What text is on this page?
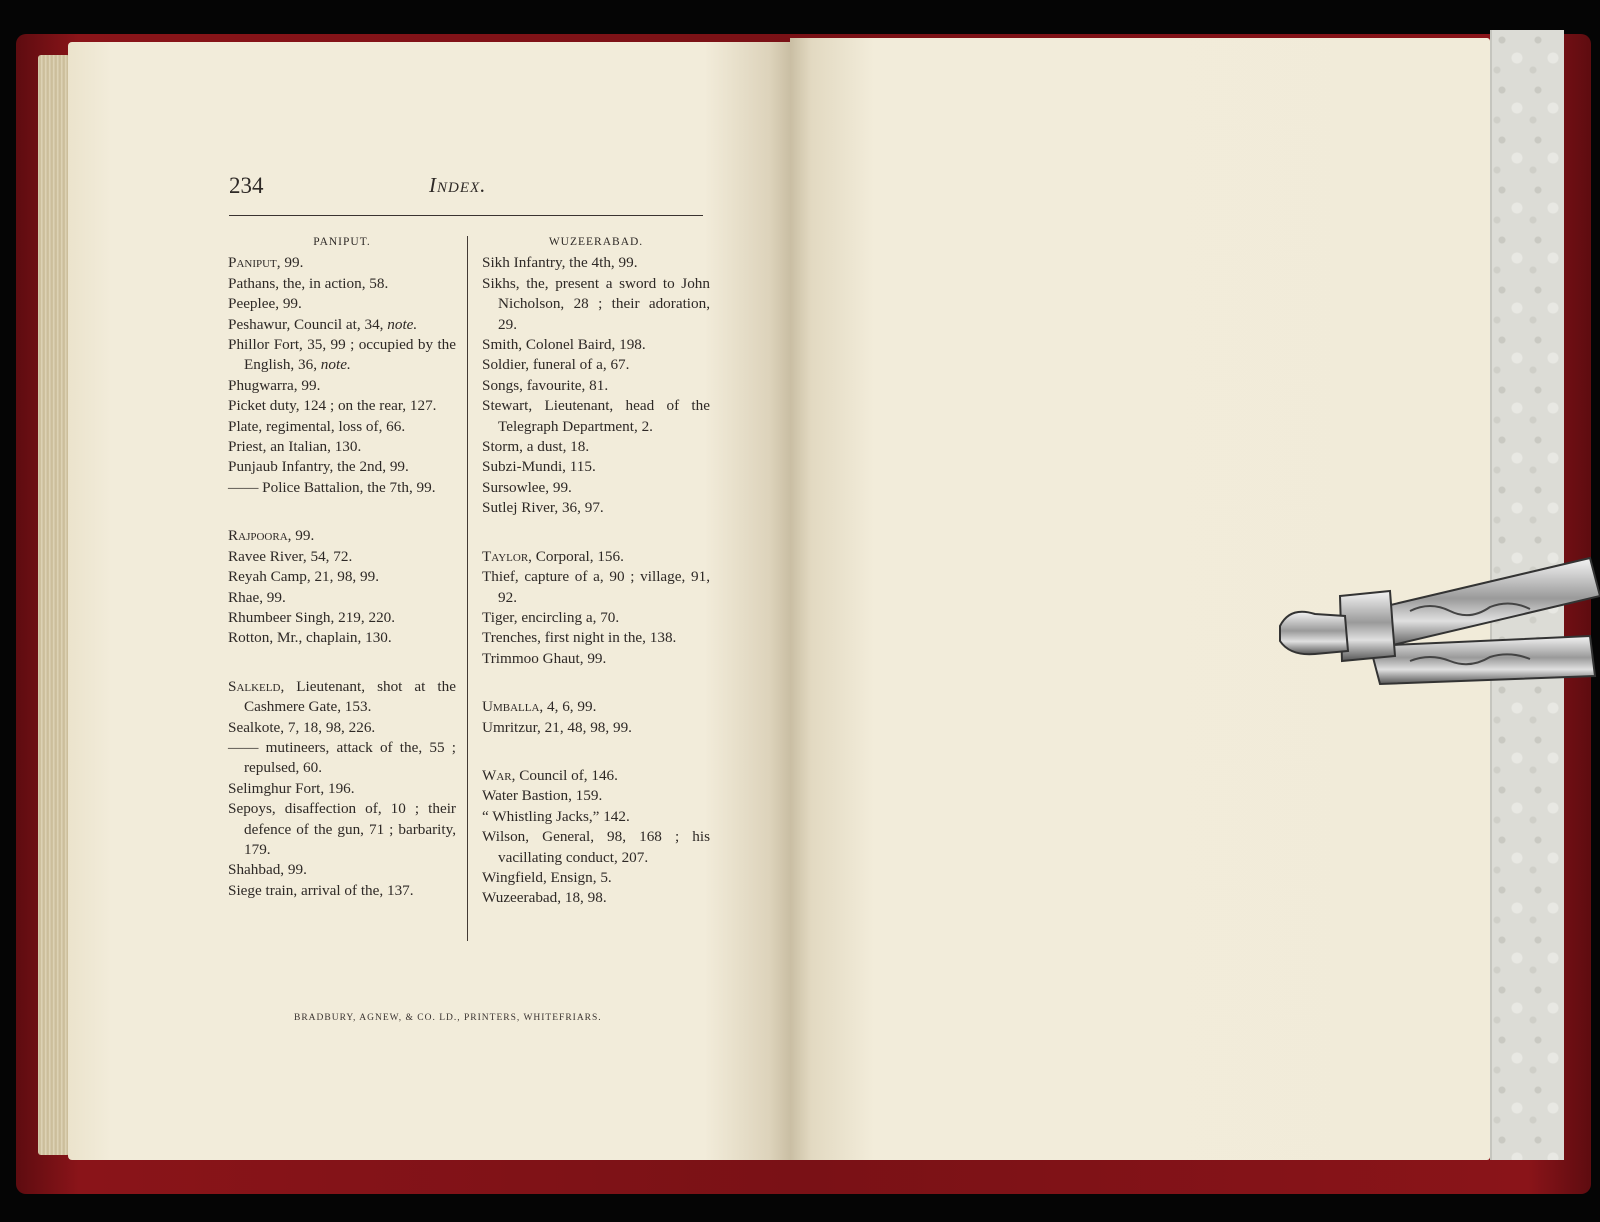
234	Index.
PANIPUT.

Paniput, 99.

Pathans, the, in action, 58.

Peeplee, 99.

Peshawur, Council at, 34, note.

Phillor Fort, 35, 99 ; occupied by the English, 36, note.

Phugwarra, 99.

Picket duty, 124 ; on the rear, 127.

Plate, regimental, loss of, 66.

Priest, an Italian, 130.

Punjaub Infantry, the 2nd, 99.

—— Police Battalion, the 7th, 99.

Rajpoora, 99.

Ravee River, 54, 72.

Reyah Camp, 21, 98, 99.

Rhae, 99.

Rhumbeer Singh, 219, 220.

Rotton, Mr., chaplain, 130.

Salkeld, Lieutenant, shot at the Cashmere Gate, 153.

Sealkote, 7, 18, 98, 226.

—— mutineers, attack of the, 55 ; repulsed, 60.

Selimghur Fort, 196.

Sepoys, disaffection of, 10 ; their defence of the gun, 71 ; barbarity, 179.

Shahbad, 99.

Siege train, arrival of the, 137.

WUZEERABAD.

Sikh Infantry, the 4th, 99.

Sikhs, the, present a sword to John Nicholson, 28 ; their adoration, 29.

Smith, Colonel Baird, 198.

Soldier, funeral of a, 67.

Songs, favourite, 81.

Stewart, Lieutenant, head of the Telegraph Department, 2.

Storm, a dust, 18.

Subzi-Mundi, 115.

Sursowlee, 99.

Sutlej River, 36, 97.

Taylor, Corporal, 156.

Thief, capture of a, 90 ; village, 91, 92.

Tiger, encircling a, 70.

Trenches, first night in the, 138.

Trimmoo Ghaut, 99.

Umballa, 4, 6, 99.

Umritzur, 21, 48, 98, 99.

War, Council of, 146.

Water Bastion, 159.

“ Whistling Jacks,” 142.

Wilson, General, 98, 168 ; his vacillating conduct, 207.

Wingfield, Ensign, 5.

Wuzeerabad, 18, 98.

BRADBURY, AGNEW, & CO. LD., PRINTERS, WHITEFRIARS.
